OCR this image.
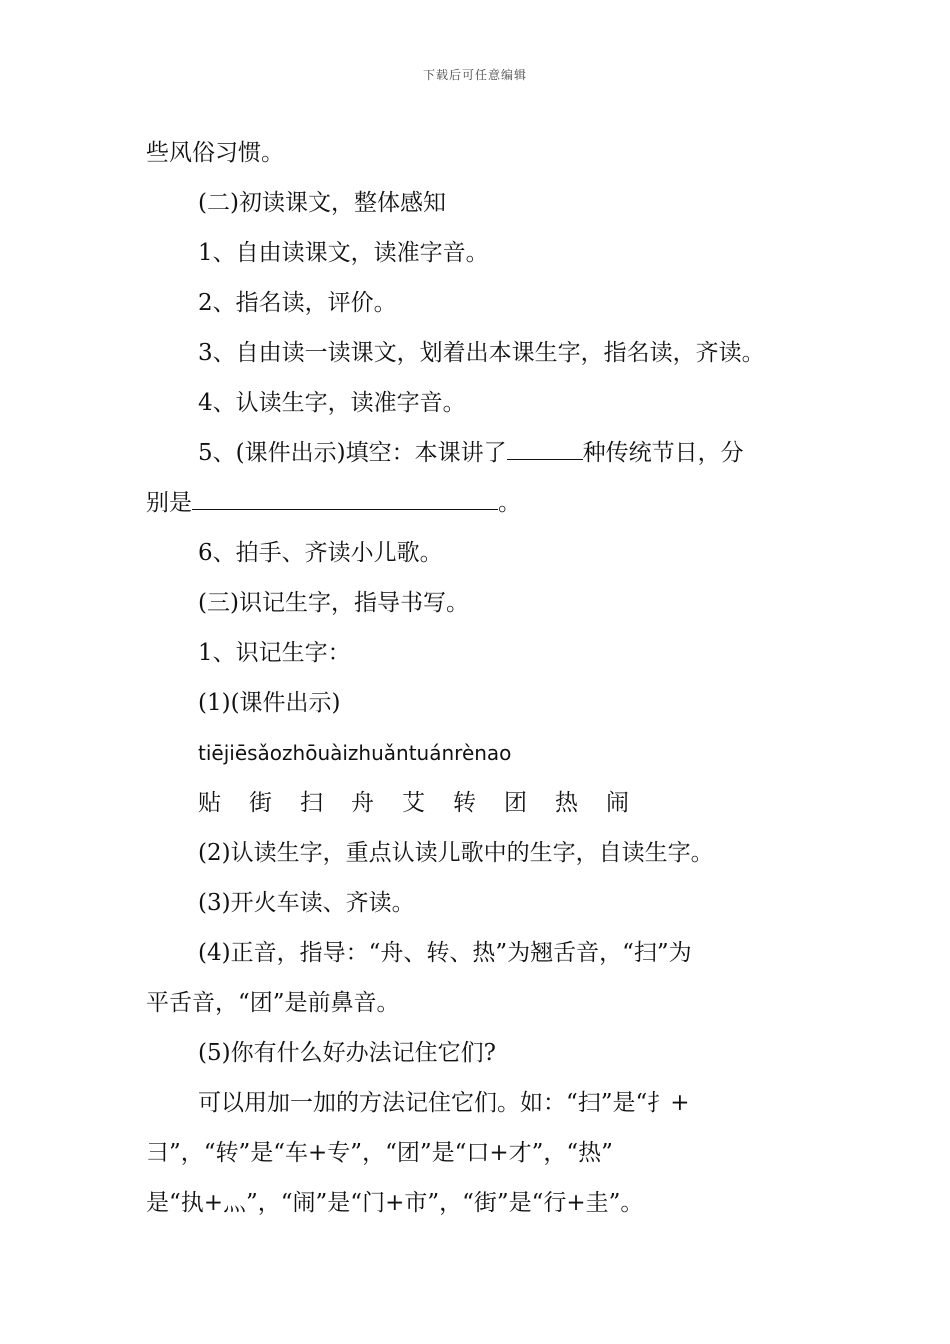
下载后可任意编辑
些风俗习惯。
(二)初读课文，整体感知
1、自由读课文，读准字音。
2、指名读，评价。
3、自由读一读课文，划着出本课生字，指名读，齐读。
4、认读生字，读准字音。
5、(课件出示)填空：本课讲了	种传统节日，分
别是	。
6、拍手、齐读小儿歌。
(三)识记生字，指导书写。
1、识记生字：
(1)(课件出示)
tiējiēsǎozhōuàizhuǎntuánrènao
贴 街 扫 舟 艾 转 团 热 闹
(2)认读生字，重点认读儿歌中的生字，自读生字。
(3)开火车读、齐读。
(4)正音，指导：“舟、转、热”为翘舌音，“扫”为
平舌音，“团”是前鼻音。
(5)你有什么好办法记住它们?
可以用加一加的方法记住它们。如：“扫”是“扌+
彐”，“转”是“车+专”，“团”是“口+才”，“热”
是“执+灬”，“闹”是“门+市”，“街”是“行+圭”。
